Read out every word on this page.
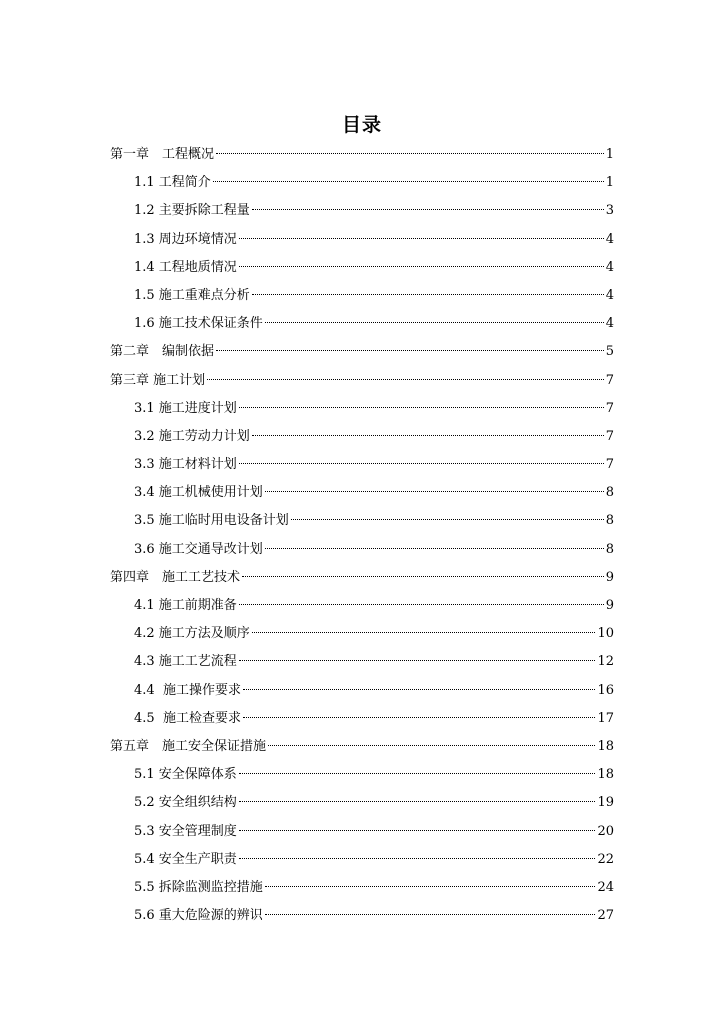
目录
第一章　工程概况	1
1.1 工程简介	1
1.2 主要拆除工程量	3
1.3 周边环境情况	4
1.4 工程地质情况	4
1.5 施工重难点分析	4
1.6 施工技术保证条件	4
第二章　编制依据	5
第三章 施工计划	7
3.1 施工进度计划	7
3.2 施工劳动力计划	7
3.3 施工材料计划	7
3.4 施工机械使用计划	8
3.5 施工临时用电设备计划	8
3.6 施工交通导改计划	8
第四章　施工工艺技术	9
4.1 施工前期准备	9
4.2 施工方法及顺序	10
4.3 施工工艺流程	12
4.4  施工操作要求	16
4.5  施工检查要求	17
第五章　施工安全保证措施	18
5.1 安全保障体系	18
5.2 安全组织结构	19
5.3 安全管理制度	20
5.4 安全生产职责	22
5.5 拆除监测监控措施	24
5.6 重大危险源的辨识	27
